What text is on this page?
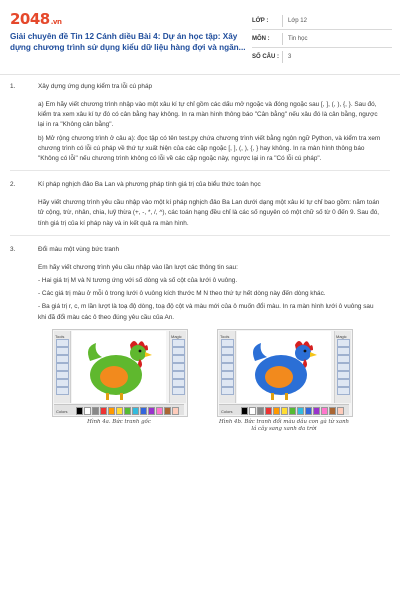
2048.vn
Giải chuyên đề Tin 12 Cánh diều Bài 4: Dự án học tập: Xây dựng chương trình sử dụng kiểu dữ liệu hàng đợi và ngăn...
LỚP :	Lớp 12
MÔN :	Tin học
SỐ CÂU :	3
1.	Xây dựng ứng dụng kiểm tra lỗi cú pháp

a) Em hãy viết chương trình nhập vào một xâu kí tự chỉ gồm các dấu mở ngoặc và đóng ngoặc sau [, ], (, ), {, }. Sau đó, kiểm tra xem xâu kí tự đó có cân bằng hay không. In ra màn hình thông báo "Cân bằng" nếu xâu đó là cân bằng, ngược lại in ra "Không cân bằng".

b) Mở rộng chương trình ở câu a): đọc tập có tên test.py chứa chương trình viết bằng ngôn ngữ Python, và kiểm tra xem chương trình có lỗi cú pháp về thứ tự xuất hiện của các cặp ngoặc [, ], (, ), {, } hay không. In ra màn hình thông báo "Không có lỗi" nếu chương trình không có lỗi về các cặp ngoặc này, ngược lại in ra "Có lỗi cú pháp".

2.	Kí pháp nghịch đảo Ba Lan và phương pháp tính giá trị của biểu thức toán học

Hãy viết chương trình yêu cầu nhập vào một kí pháp nghịch đảo Ba Lan dưới dạng một xâu kí tự chỉ bao gồm: năm toán tử cộng, trừ, nhân, chia, luỹ thừa (+, -, *, /, ^), các toán hạng đều chỉ là các số nguyên có một chữ số từ 0 đến 9. Sau đó, tính giá trị của kí pháp này và in kết quả ra màn hình.

3.	Đổi màu một vùng bức tranh

Em hãy viết chương trình yêu cầu nhập vào lần lượt các thông tin sau:

- Hai giá trị M và N tương ứng với số dòng và số cột của lưới ô vuông.

- Các giá trị màu ở mỗi ô trong lưới ô vuông kích thước M N theo thứ tự hết dòng này đến dòng khác.

- Ba giá trị r, c, m lần lượt là toạ độ dòng, toạ độ cột và màu mới của ô muốn đổi màu. In ra màn hình lưới ô vuông sau khi đã đổi màu các ô theo đúng yêu cầu của An.

Tools	Magic
Colors
Hình 4a. Bức tranh gốc
Tools	Magic
Colors
Hình 4b. Bức tranh đổi màu dâu con gà từ xanh lá cây sang xanh da trời
